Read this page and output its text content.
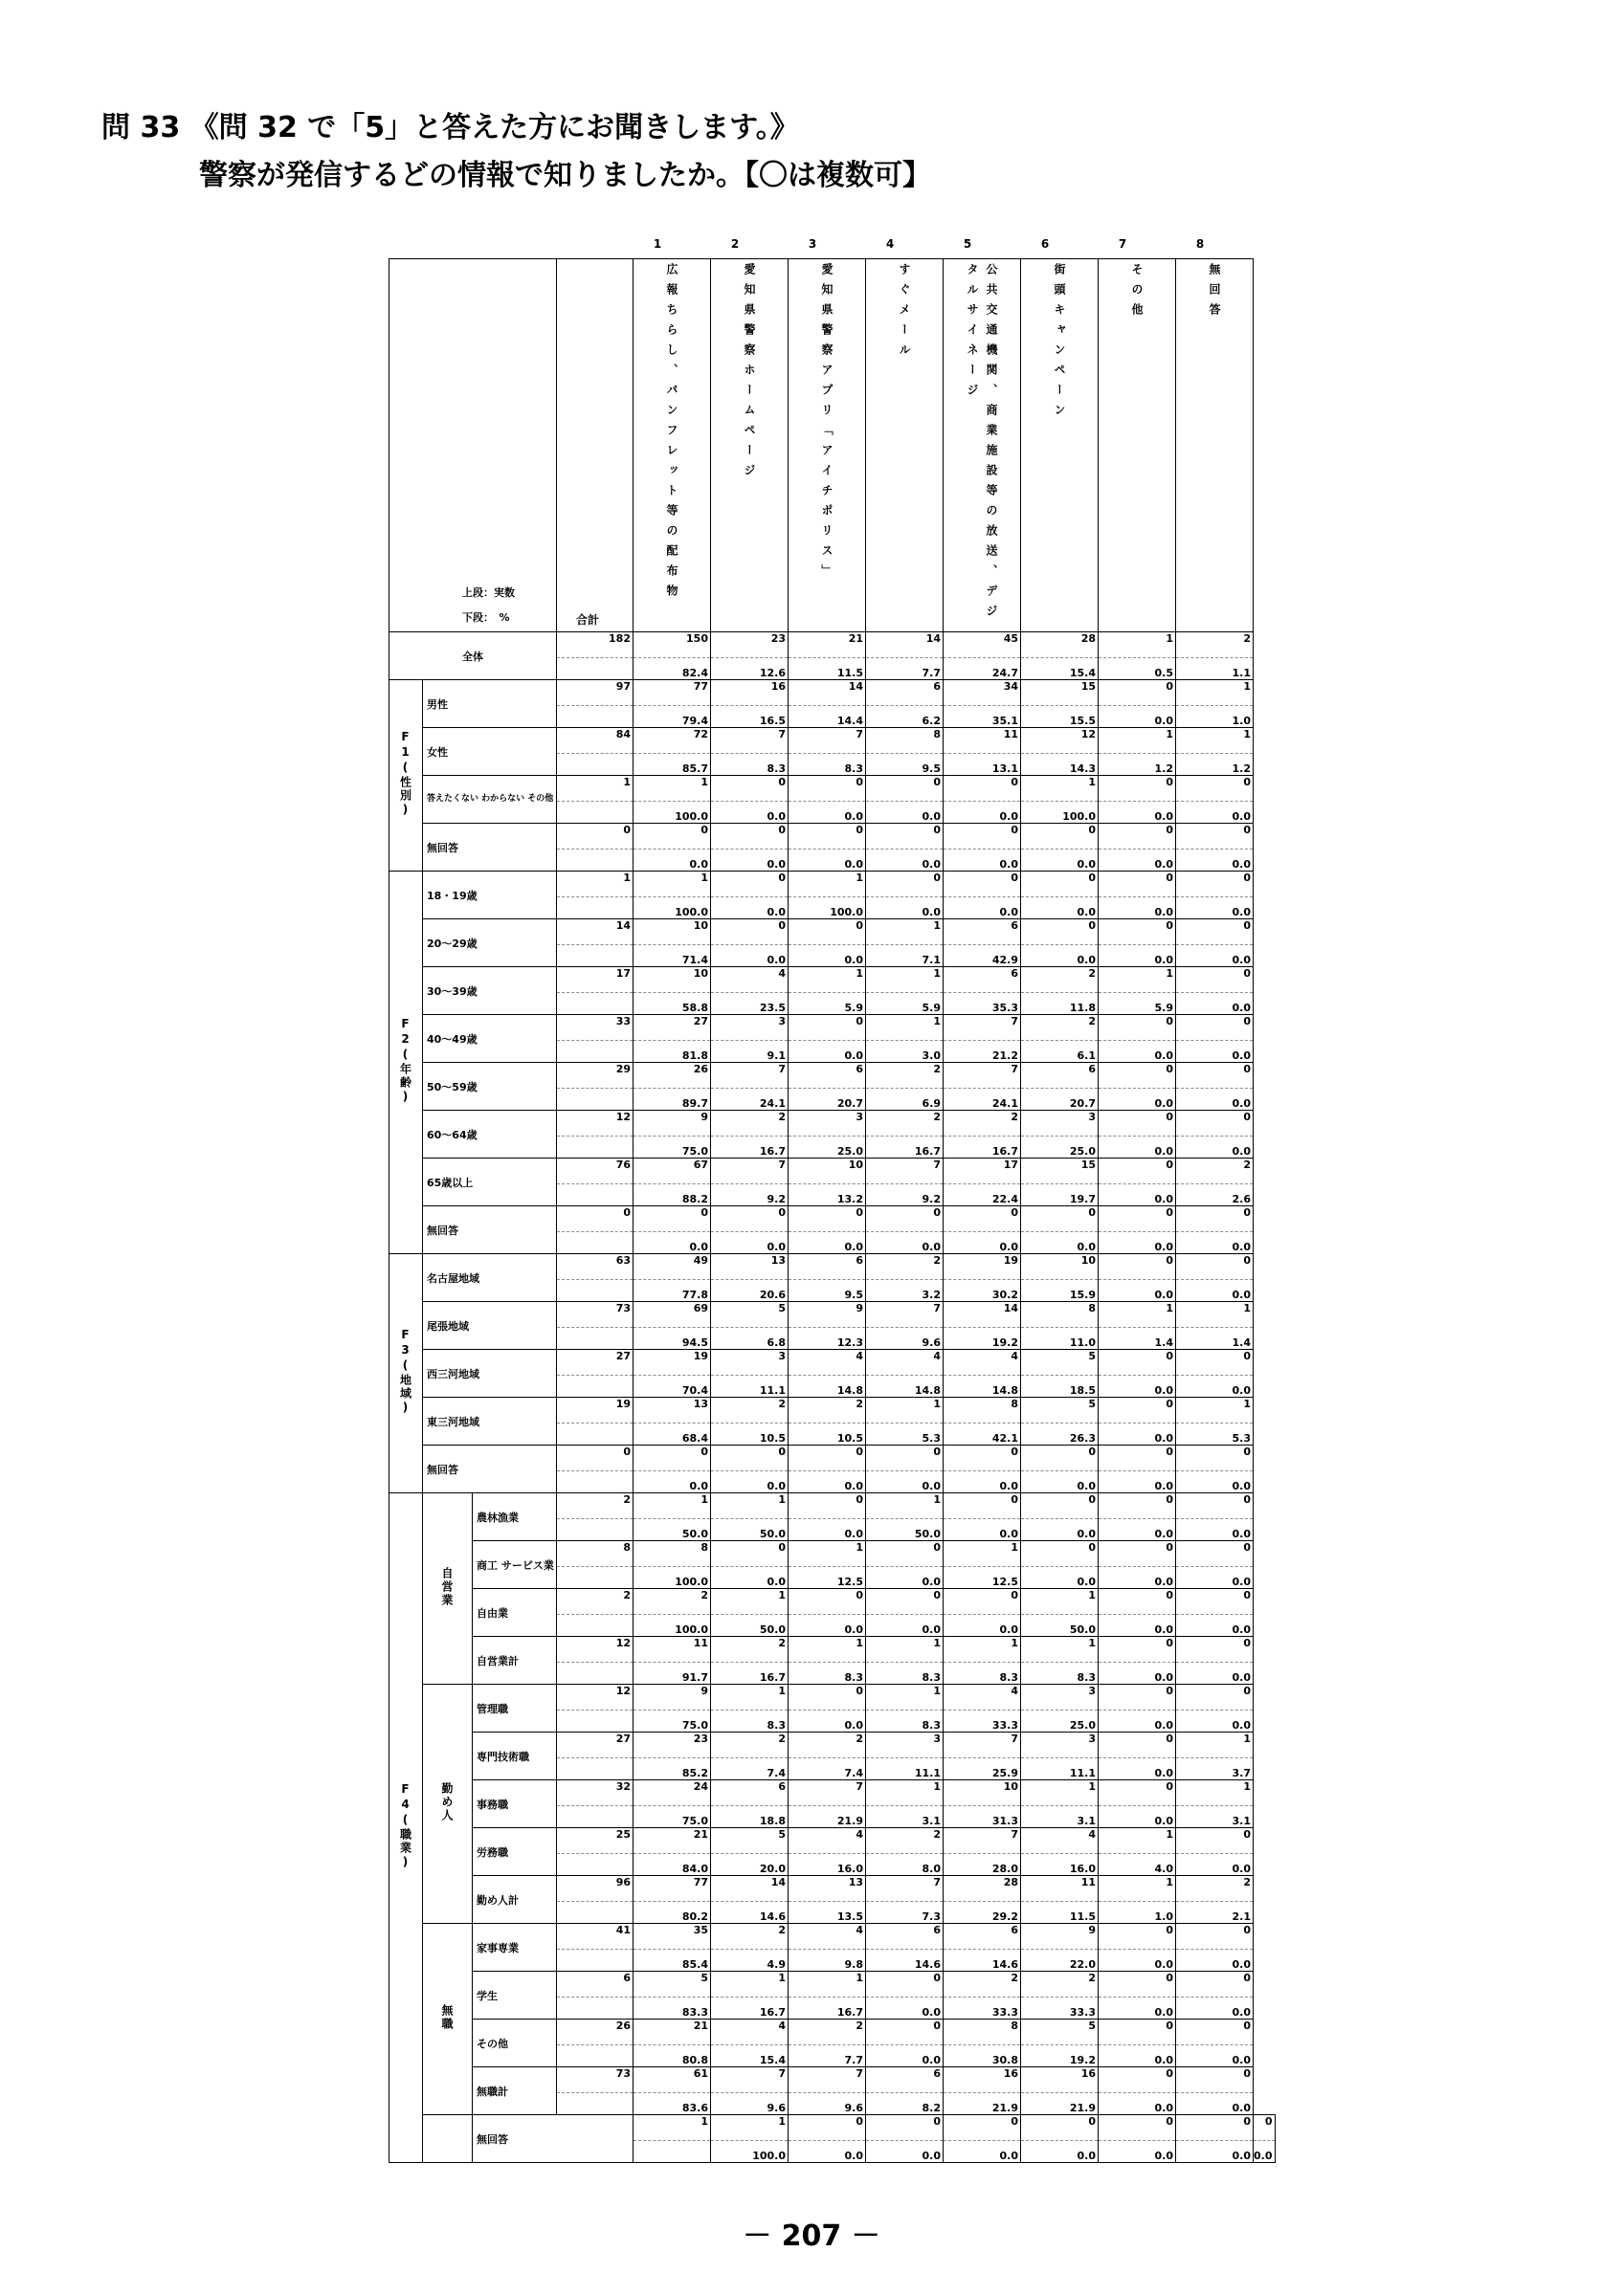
問 33 《問 32 で「5」と答えた方にお聞きします。》
警察が発信するどの情報で知りましたか。【〇は複数可】
1	2	3	4	5	6	7	8
上段：実数
下段：　%			合計	広報ちらし、パンフレット等の配布物	愛知県警察ホームページ	愛知県警察アプリ「アイチポリス」	すぐメール	公共交通機関、商業施設等の放送、デジタルサイネージ	街頭キャンペーン	その他	無回答	

全体			182	150	23	21	14	45	28	1	2	
				82.4	12.6	11.5	7.7	24.7	15.4	0.5	1.1	
F1(性別)	男性		97	77	16	14	6	34	15	0	1	
				79.4	16.5	14.4	6.2	35.1	15.5	0.0	1.0	
	女性		84	72	7	7	8	11	12	1	1	
				85.7	8.3	8.3	9.5	13.1	14.3	1.2	1.2	
	答えたくない わからない その他		1	1	0	0	0	0	1	0	0	
				100.0	0.0	0.0	0.0	0.0	100.0	0.0	0.0	
	無回答		0	0	0	0	0	0	0	0	0	
				0.0	0.0	0.0	0.0	0.0	0.0	0.0	0.0	
F2(年齢)	18・19歳		1	1	0	1	0	0	0	0	0	
				100.0	0.0	100.0	0.0	0.0	0.0	0.0	0.0	
	20～29歳		14	10	0	0	1	6	0	0	0	
				71.4	0.0	0.0	7.1	42.9	0.0	0.0	0.0	
	30～39歳		17	10	4	1	1	6	2	1	0	
				58.8	23.5	5.9	5.9	35.3	11.8	5.9	0.0	
	40～49歳		33	27	3	0	1	7	2	0	0	
				81.8	9.1	0.0	3.0	21.2	6.1	0.0	0.0	
	50～59歳		29	26	7	6	2	7	6	0	0	
				89.7	24.1	20.7	6.9	24.1	20.7	0.0	0.0	
	60～64歳		12	9	2	3	2	2	3	0	0	
				75.0	16.7	25.0	16.7	16.7	25.0	0.0	0.0	
	65歳以上		76	67	7	10	7	17	15	0	2	
				88.2	9.2	13.2	9.2	22.4	19.7	0.0	2.6	
	無回答		0	0	0	0	0	0	0	0	0	
				0.0	0.0	0.0	0.0	0.0	0.0	0.0	0.0	
F3(地域)	名古屋地域		63	49	13	6	2	19	10	0	0	
				77.8	20.6	9.5	3.2	30.2	15.9	0.0	0.0	
	尾張地域		73	69	5	9	7	14	8	1	1	
				94.5	6.8	12.3	9.6	19.2	11.0	1.4	1.4	
	西三河地域		27	19	3	4	4	4	5	0	0	
				70.4	11.1	14.8	14.8	14.8	18.5	0.0	0.0	
	東三河地域		19	13	2	2	1	8	5	0	1	
				68.4	10.5	10.5	5.3	42.1	26.3	0.0	5.3	
	無回答		0	0	0	0	0	0	0	0	0	
				0.0	0.0	0.0	0.0	0.0	0.0	0.0	0.0	
F4(職業)	自営業	農林漁業	2	1	1	0	1	0	0	0	0	
				50.0	50.0	0.0	50.0	0.0	0.0	0.0	0.0	
		商工 サービス業	8	8	0	1	0	1	0	0	0	
				100.0	0.0	12.5	0.0	12.5	0.0	0.0	0.0	
		自由業	2	2	1	0	0	0	1	0	0	
				100.0	50.0	0.0	0.0	0.0	50.0	0.0	0.0	
		自営業計	12	11	2	1	1	1	1	0	0	
				91.7	16.7	8.3	8.3	8.3	8.3	0.0	0.0	
	勤め人	管理職	12	9	1	0	1	4	3	0	0	
				75.0	8.3	0.0	8.3	33.3	25.0	0.0	0.0	
		専門技術職	27	23	2	2	3	7	3	0	1	
				85.2	7.4	7.4	11.1	25.9	11.1	0.0	3.7	
		事務職	32	24	6	7	1	10	1	0	1	
				75.0	18.8	21.9	3.1	31.3	3.1	0.0	3.1	
		労務職	25	21	5	4	2	7	4	1	0	
				84.0	20.0	16.0	8.0	28.0	16.0	4.0	0.0	
		勤め人計	96	77	14	13	7	28	11	1	2	
				80.2	14.6	13.5	7.3	29.2	11.5	1.0	2.1	
	無職	家事専業	41	35	2	4	6	6	9	0	0	
				85.4	4.9	9.8	14.6	14.6	22.0	0.0	0.0	
		学生	6	5	1	1	0	2	2	0	0	
				83.3	16.7	16.7	0.0	33.3	33.3	0.0	0.0	
		その他	26	21	4	2	0	8	5	0	0	
				80.8	15.4	7.7	0.0	30.8	19.2	0.0	0.0	
		無職計	73	61	7	7	6	16	16	0	0	
				83.6	9.6	9.6	8.2	21.9	21.9	0.0	0.0	
		無回答		1	1	0	0	0	0	0	0	0
					100.0	0.0	0.0	0.0	0.0	0.0	0.0	0.0
－ 207 －
